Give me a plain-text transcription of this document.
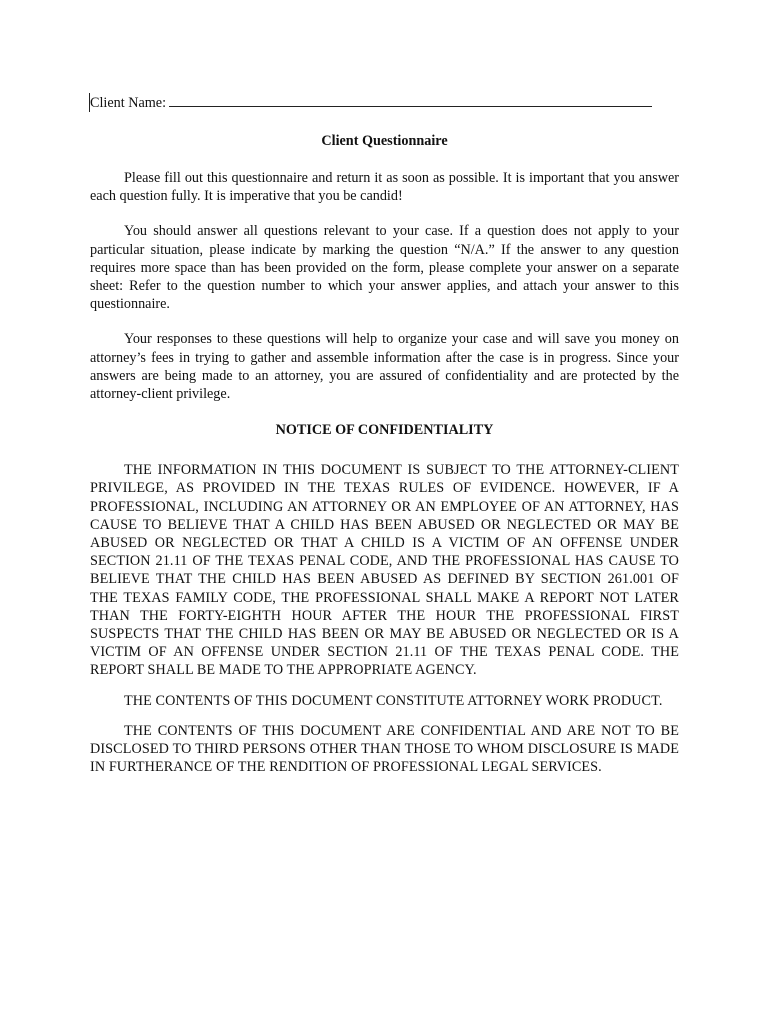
Client Name:
Client Questionnaire

Please fill out this questionnaire and return it as soon as possible. It is important that you answer each question fully. It is imperative that you be candid!

You should answer all questions relevant to your case. If a question does not apply to your particular situation, please indicate by marking the question “N/A.” If the answer to any question requires more space than has been provided on the form, please complete your answer on a separate sheet: Refer to the question number to which your answer applies, and attach your answer to this questionnaire.

Your responses to these questions will help to organize your case and will save you money on attorney’s fees in trying to gather and assemble information after the case is in progress. Since your answers are being made to an attorney, you are assured of confidentiality and are protected by the attorney-client privilege.

NOTICE OF CONFIDENTIALITY

THE INFORMATION IN THIS DOCUMENT IS SUBJECT TO THE ATTORNEY-CLIENT PRIVILEGE, AS PROVIDED IN THE TEXAS RULES OF EVIDENCE. HOWEVER, IF A PROFESSIONAL, INCLUDING AN ATTORNEY OR AN EMPLOYEE OF AN ATTORNEY, HAS CAUSE TO BELIEVE THAT A CHILD HAS BEEN ABUSED OR NEGLECTED OR MAY BE ABUSED OR NEGLECTED OR THAT A CHILD IS A VICTIM OF AN OFFENSE UNDER SECTION 21.11 OF THE TEXAS PENAL CODE, AND THE PROFESSIONAL HAS CAUSE TO BELIEVE THAT THE CHILD HAS BEEN ABUSED AS DEFINED BY SECTION 261.001 OF THE TEXAS FAMILY CODE, THE PROFESSIONAL SHALL MAKE A REPORT NOT LATER THAN THE FORTY-EIGHTH HOUR AFTER THE HOUR THE PROFESSIONAL FIRST SUSPECTS THAT THE CHILD HAS BEEN OR MAY BE ABUSED OR NEGLECTED OR IS A VICTIM OF AN OFFENSE UNDER SECTION 21.11 OF THE TEXAS PENAL CODE. THE REPORT SHALL BE MADE TO THE APPROPRIATE AGENCY.

THE CONTENTS OF THIS DOCUMENT CONSTITUTE ATTORNEY WORK PRODUCT.

THE CONTENTS OF THIS DOCUMENT ARE CONFIDENTIAL AND ARE NOT TO BE DISCLOSED TO THIRD PERSONS OTHER THAN THOSE TO WHOM DISCLOSURE IS MADE IN FURTHERANCE OF THE RENDITION OF PROFESSIONAL LEGAL SERVICES.
